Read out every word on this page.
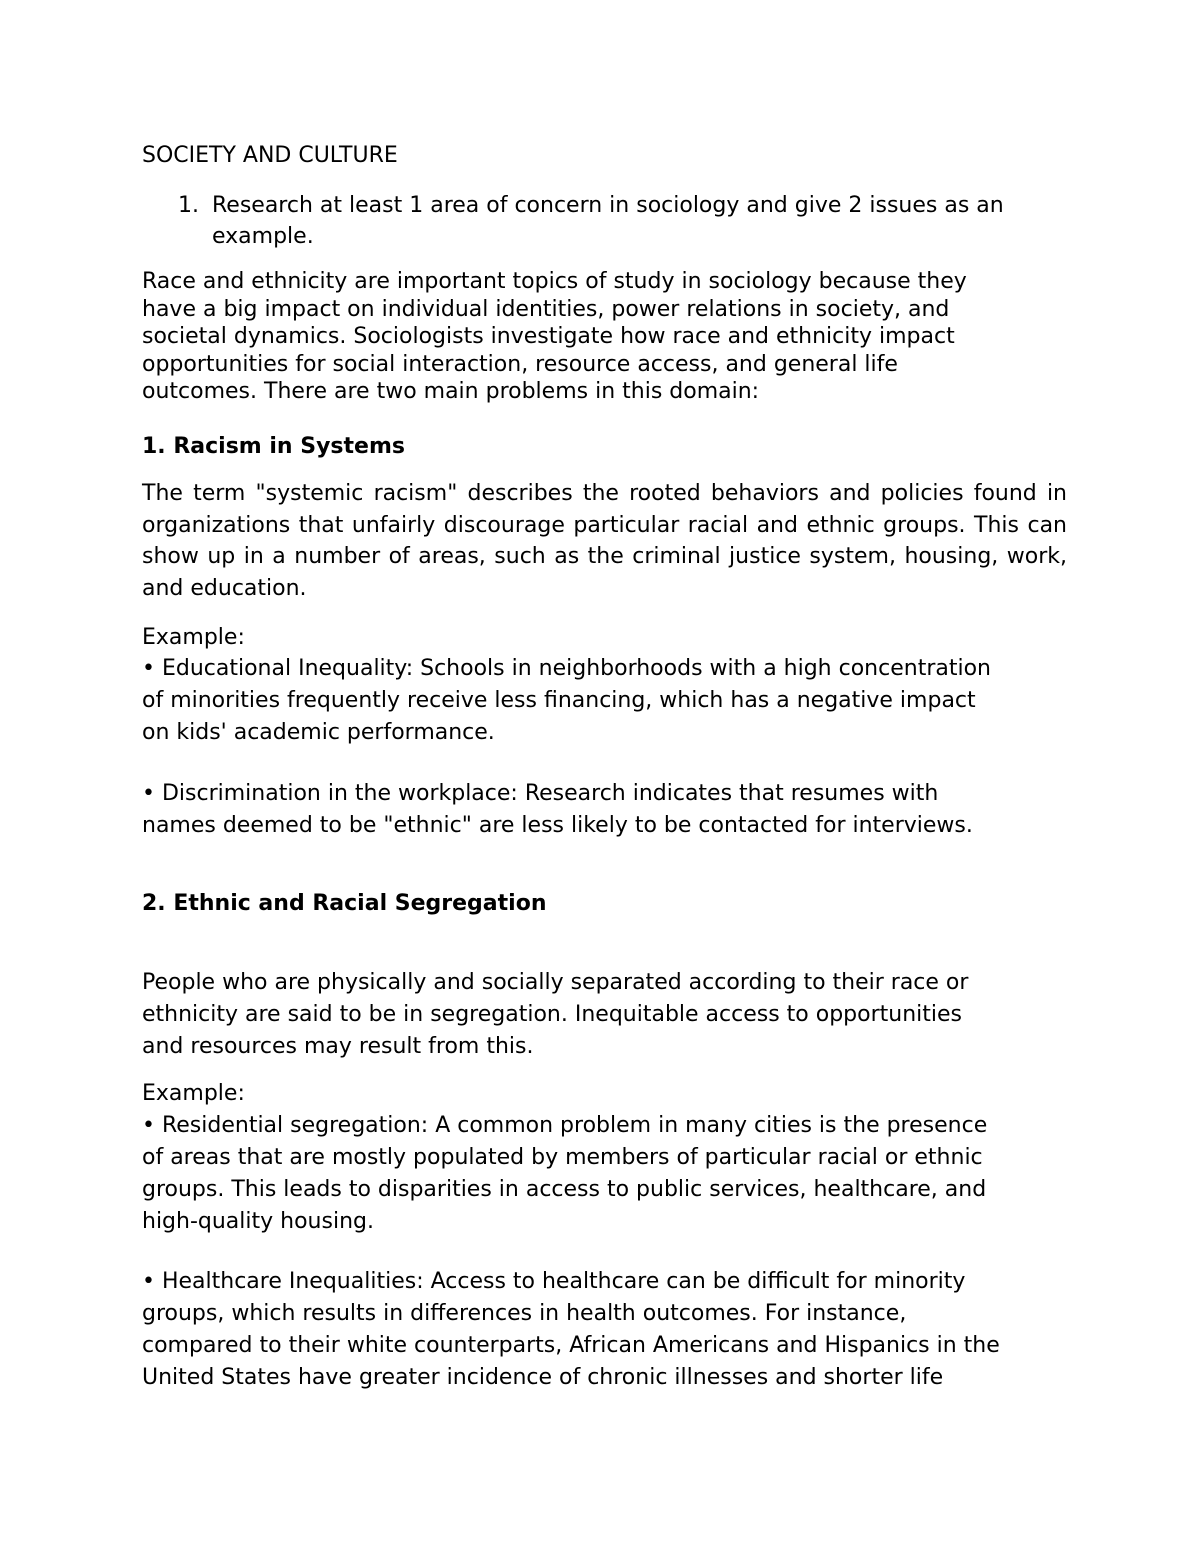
SOCIETY AND CULTURE

1. Research at least 1 area of concern in sociology and give 2 issues as an example.
Race and ethnicity are important topics of study in sociology because they
have a big impact on individual identities, power relations in society, and
societal dynamics. Sociologists investigate how race and ethnicity impact
opportunities for social interaction, resource access, and general life
outcomes. There are two main problems in this domain:

1. Racism in Systems

The term "systemic racism" describes the rooted behaviors and policies found in organizations that unfairly discourage particular racial and ethnic groups. This can show up in a number of areas, such as the criminal justice system, housing, work, and education.

Example:

• Educational Inequality: Schools in neighborhoods with a high concentration
of minorities frequently receive less financing, which has a negative impact
on kids' academic performance.
• Discrimination in the workplace: Research indicates that resumes with
names deemed to be "ethnic" are less likely to be contacted for interviews.

2. Ethnic and Racial Segregation

People who are physically and socially separated according to their race or
ethnicity are said to be in segregation. Inequitable access to opportunities
and resources may result from this.

Example:

• Residential segregation: A common problem in many cities is the presence
of areas that are mostly populated by members of particular racial or ethnic
groups. This leads to disparities in access to public services, healthcare, and
high-quality housing.
• Healthcare Inequalities: Access to healthcare can be difficult for minority
groups, which results in differences in health outcomes. For instance,
compared to their white counterparts, African Americans and Hispanics in the
United States have greater incidence of chronic illnesses and shorter life
